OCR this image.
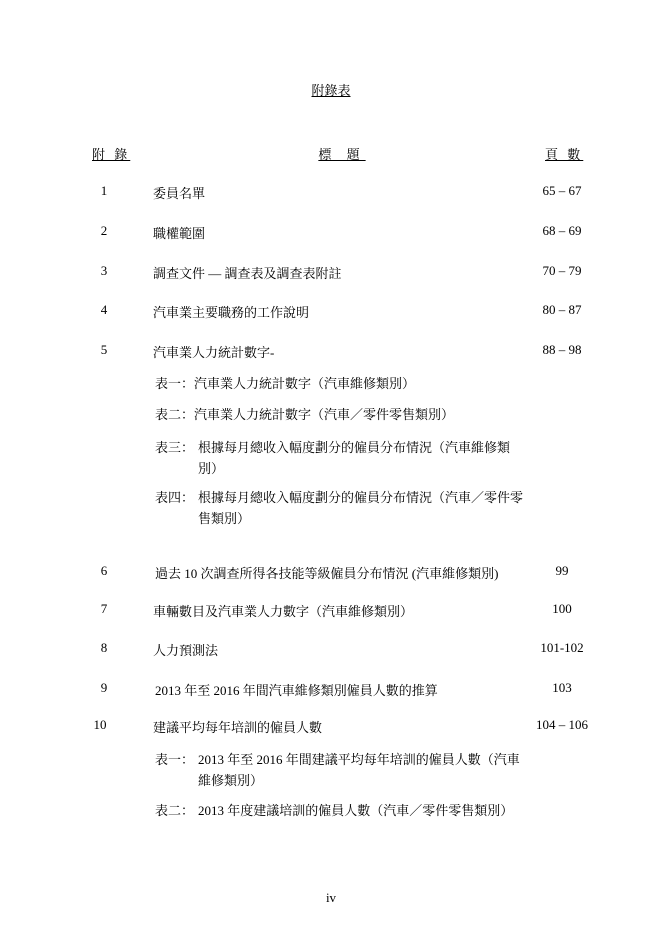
附錄表
附 錄	標 題	頁 數
1	委員名單	65 – 67
2	職權範圍	68 – 69
3	調查文件 — 調查表及調查表附註	70 – 79
4	汽車業主要職務的工作說明	80 – 87
5	汽車業人力統計數字-	88 – 98
表一：汽車業人力統計數字（汽車維修類別）
表二：汽車業人力統計數字（汽車／零件零售類別）
表三： 根據每月總收入幅度劃分的僱員分布情況（汽車維修類別）
表四： 根據每月總收入幅度劃分的僱員分布情況（汽車／零件零售類別）
6	過去 10 次調查所得各技能等級僱員分布情況 (汽車維修類別)	99
7	車輛數目及汽車業人力數字（汽車維修類別）	100
8	人力預測法	101-102
9	2013 年至 2016 年間汽車維修類別僱員人數的推算	103
10	建議平均每年培訓的僱員人數	104 – 106
表一： 2013 年至 2016 年間建議平均每年培訓的僱員人數（汽車維修類別）
表二： 2013 年度建議培訓的僱員人數（汽車／零件零售類別）
iv
